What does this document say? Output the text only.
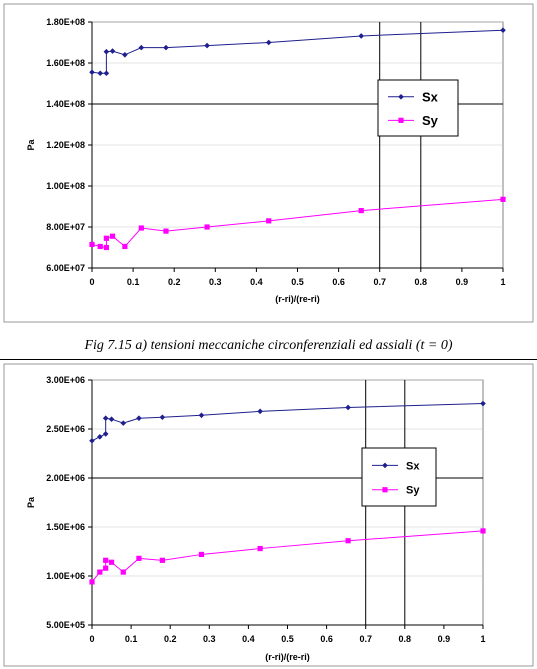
6.00E+07
8.00E+07
1.00E+08
1.20E+08
1.40E+08
1.60E+08
1.80E+08
0	0.1	0.2	0.3	0.4	0.5	0.6	0.7	0.8	0.9	1
(r-ri)/(re-ri)
Pa
Sx
Sy
5.00E+05
1.00E+06
1.50E+06
2.00E+06
2.50E+06
3.00E+06
0	0.1	0.2	0.3	0.4	0.5	0.6	0.7	0.8	0.9	1
(r-ri)/(re-ri)
Pa
Sx
Sy
Fig 7.15 a) tensioni meccaniche circonferenziali ed assiali (t = 0)
